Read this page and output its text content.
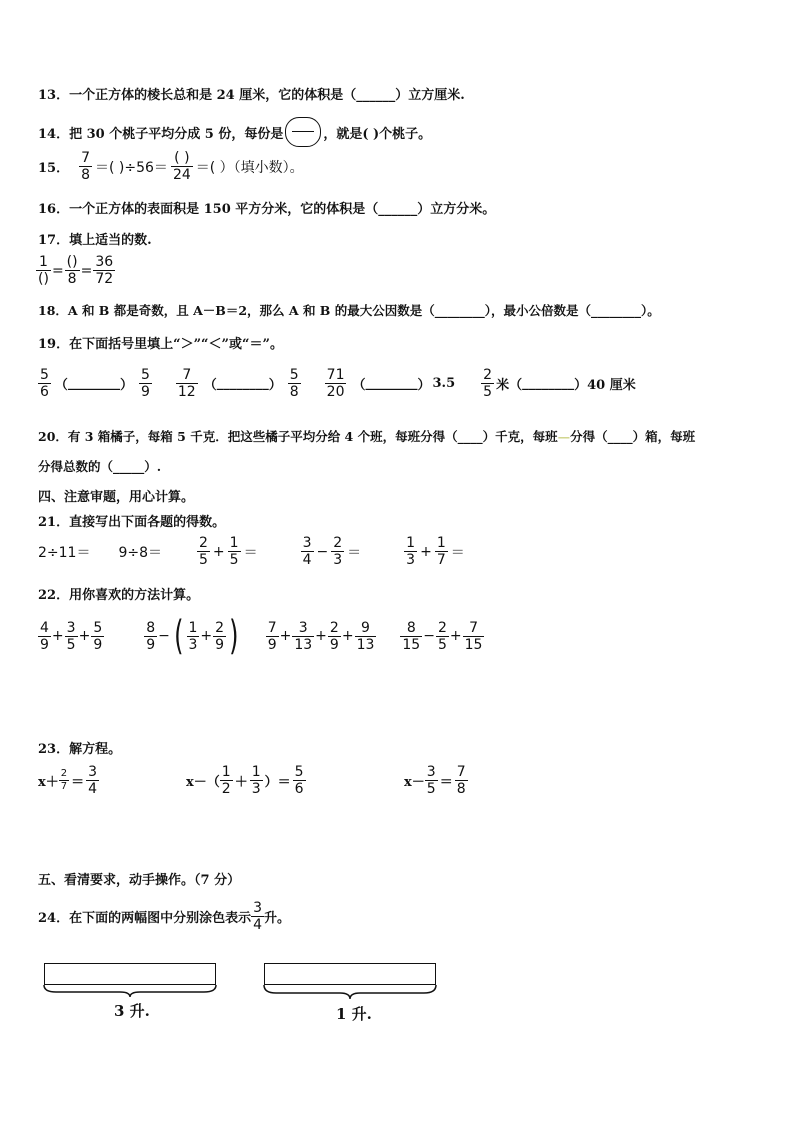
13．一个正方体的棱长总和是 24 厘米，它的体积是（______）立方厘米.
14． 把 30 个桃子平均分成 5 份，每份是	，就是( )个桃子。
15． $\frac{7}{8}$ ＝( )$\div 56= \frac{( )}{24}$ ＝( ）（填小数）。
16．一个正方体的表面积是 150 平方分米，它的体积是（______）立方分米。
17．填上适当的数.
$\frac{1}{()} = \frac{()}{8} = \frac{36}{72}$
18．A 和 B 都是奇数，且 A－B＝2，那么 A 和 B 的最大公因数是（________），最小公倍数是（________）。
19．在下面括号里填上“＞”“＜”或“＝”。
$\frac{5}{6}$ （ ________ ） $\frac{5}{9} \frac{7}{12}$ （ ________ ） $\frac{5}{8} \frac{71}{20}$ （ ________ ） $3.5 \frac{2}{5}$ 米 （ ________ ） 40 厘米
20．有 3 箱橘子，每箱 5 千克．把这些橘子平均分给 4 个班，每班分得（____）千克，每班—分得（____）箱，每班
分得总数的（_____）.
四、注意审题，用心计算。
21．直接写出下面各题的得数。
2÷11＝ 9÷8＝	$\frac{2}{5} + \frac{1}{5}$ ＝	$\frac{3}{4} - \frac{2}{3}$ ＝	$\frac{1}{3} + \frac{1}{7}$ ＝
22．用你喜欢的方法计算。
$\frac{4}{9} + \frac{3}{5} + \frac{5}{9}$	$\frac{8}{9}$ − ( $\frac{1}{3} + \frac{2}{9}$ ) $\frac{7}{9} + \frac{3}{13} + \frac{2}{9} + \frac{9}{13} \frac{8}{15} - \frac{2}{5} + \frac{7}{15}$
23．解方程。
$x+ \frac{2}{7} = \frac{3}{4}$	$x-( \frac{1}{2} + \frac{1}{3}$ ）＝ $\frac{5}{6}$	$x- \frac{3}{5} = \frac{7}{8}$
五、看清要求，动手操作。（7 分）
24． 在下面的两幅图中分别涂色表示 $\frac{3}{4}$ 升。
3 升.	1 升.
